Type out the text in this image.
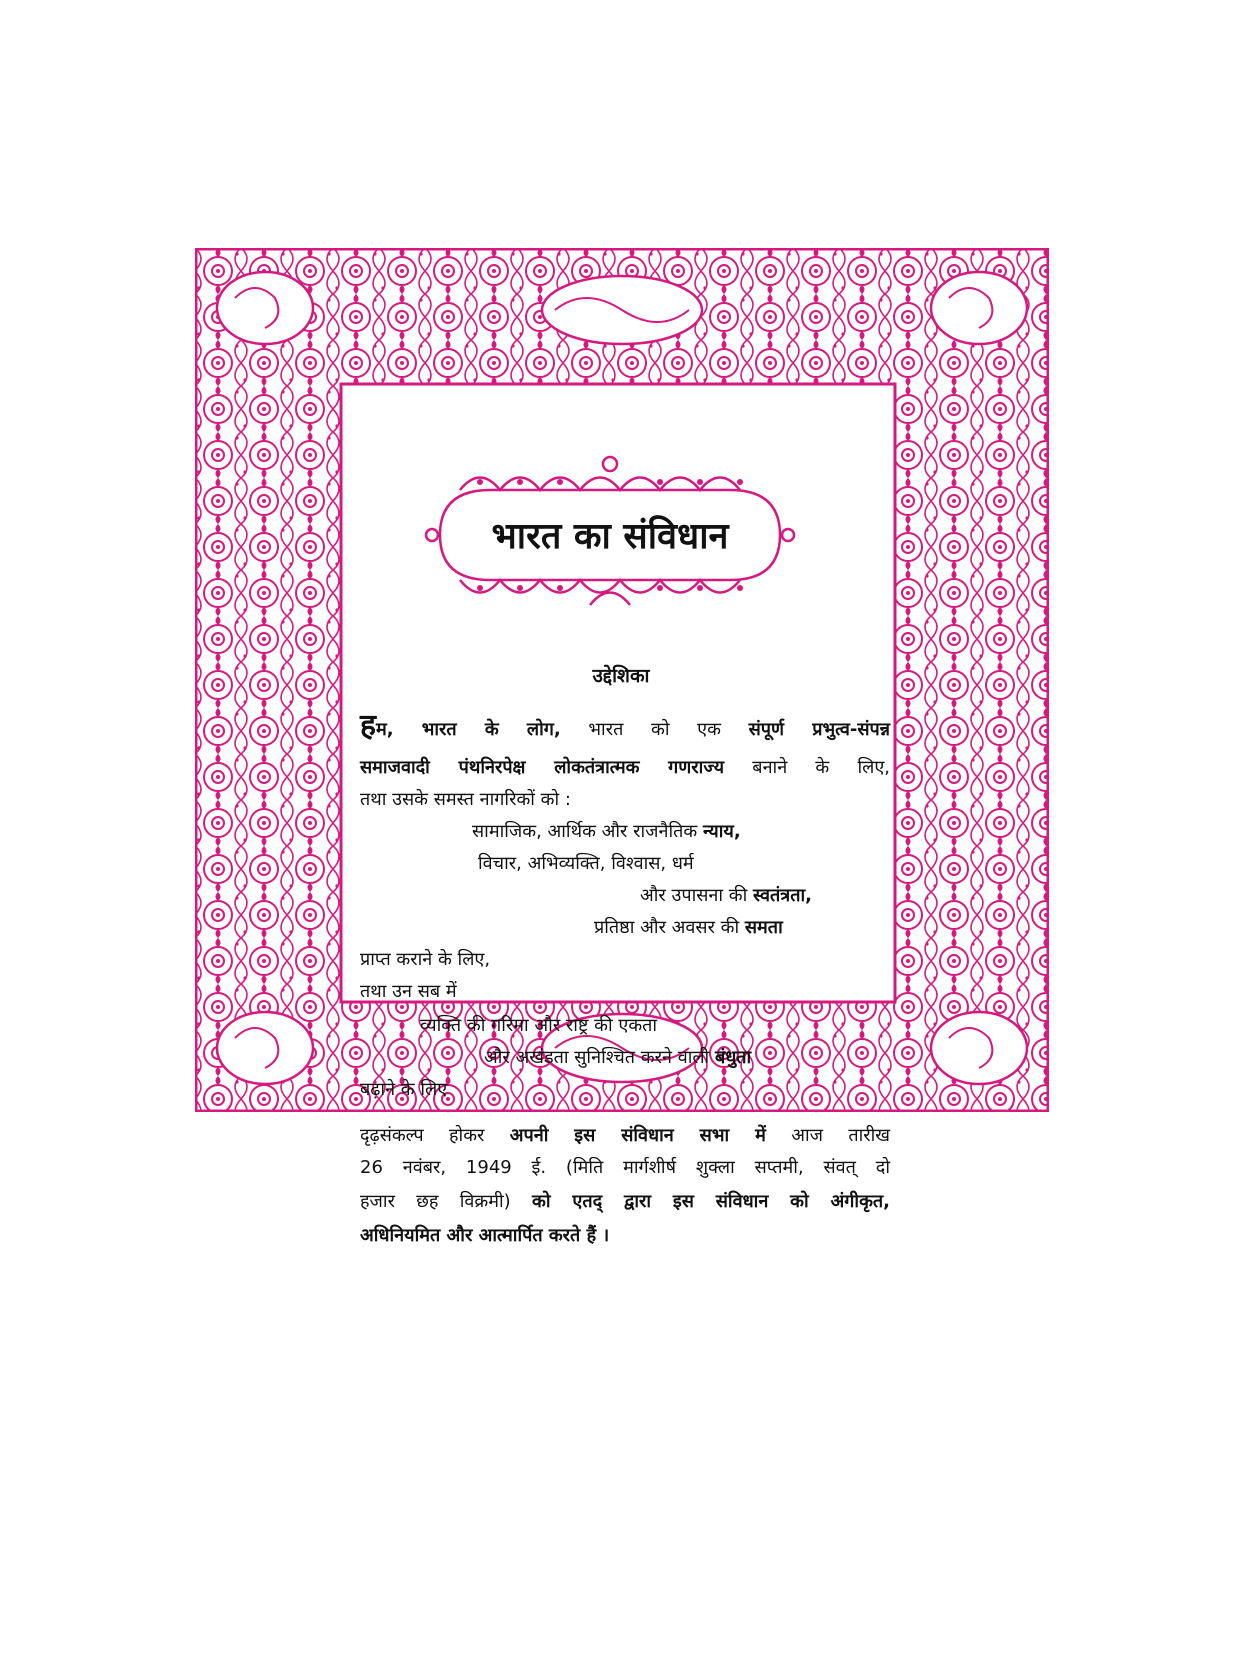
भारत का संविधान
उद्देशिका
हम, भारत के लोग, भारत को एक संपूर्ण प्रभुत्व-संपन्न
समाजवादी पंथनिरपेक्ष लोकतंत्रात्मक गणराज्य बनाने के लिए,
तथा उसके समस्त नागरिकों को :
सामाजिक, आर्थिक और राजनैतिक न्याय,
विचार, अभिव्यक्ति, विश्वास, धर्म
और उपासना की स्वतंत्रता,
प्रतिष्ठा और अवसर की समता
प्राप्त कराने के लिए,
तथा उन सब में
व्यक्ति की गरिमा और राष्ट्र की एकता
और अखंडता सुनिश्चित करने वाली बंधुता
बढ़ाने के लिए
दृढ़संकल्प होकर अपनी इस संविधान सभा में आज तारीख
26 नवंबर, 1949 ई. (मिति मार्गशीर्ष शुक्ला सप्तमी, संवत् दो
हजार छह विक्रमी) को एतद् द्वारा इस संविधान को अंगीकृत,
अधिनियमित और आत्मार्पित करते हैं ।
